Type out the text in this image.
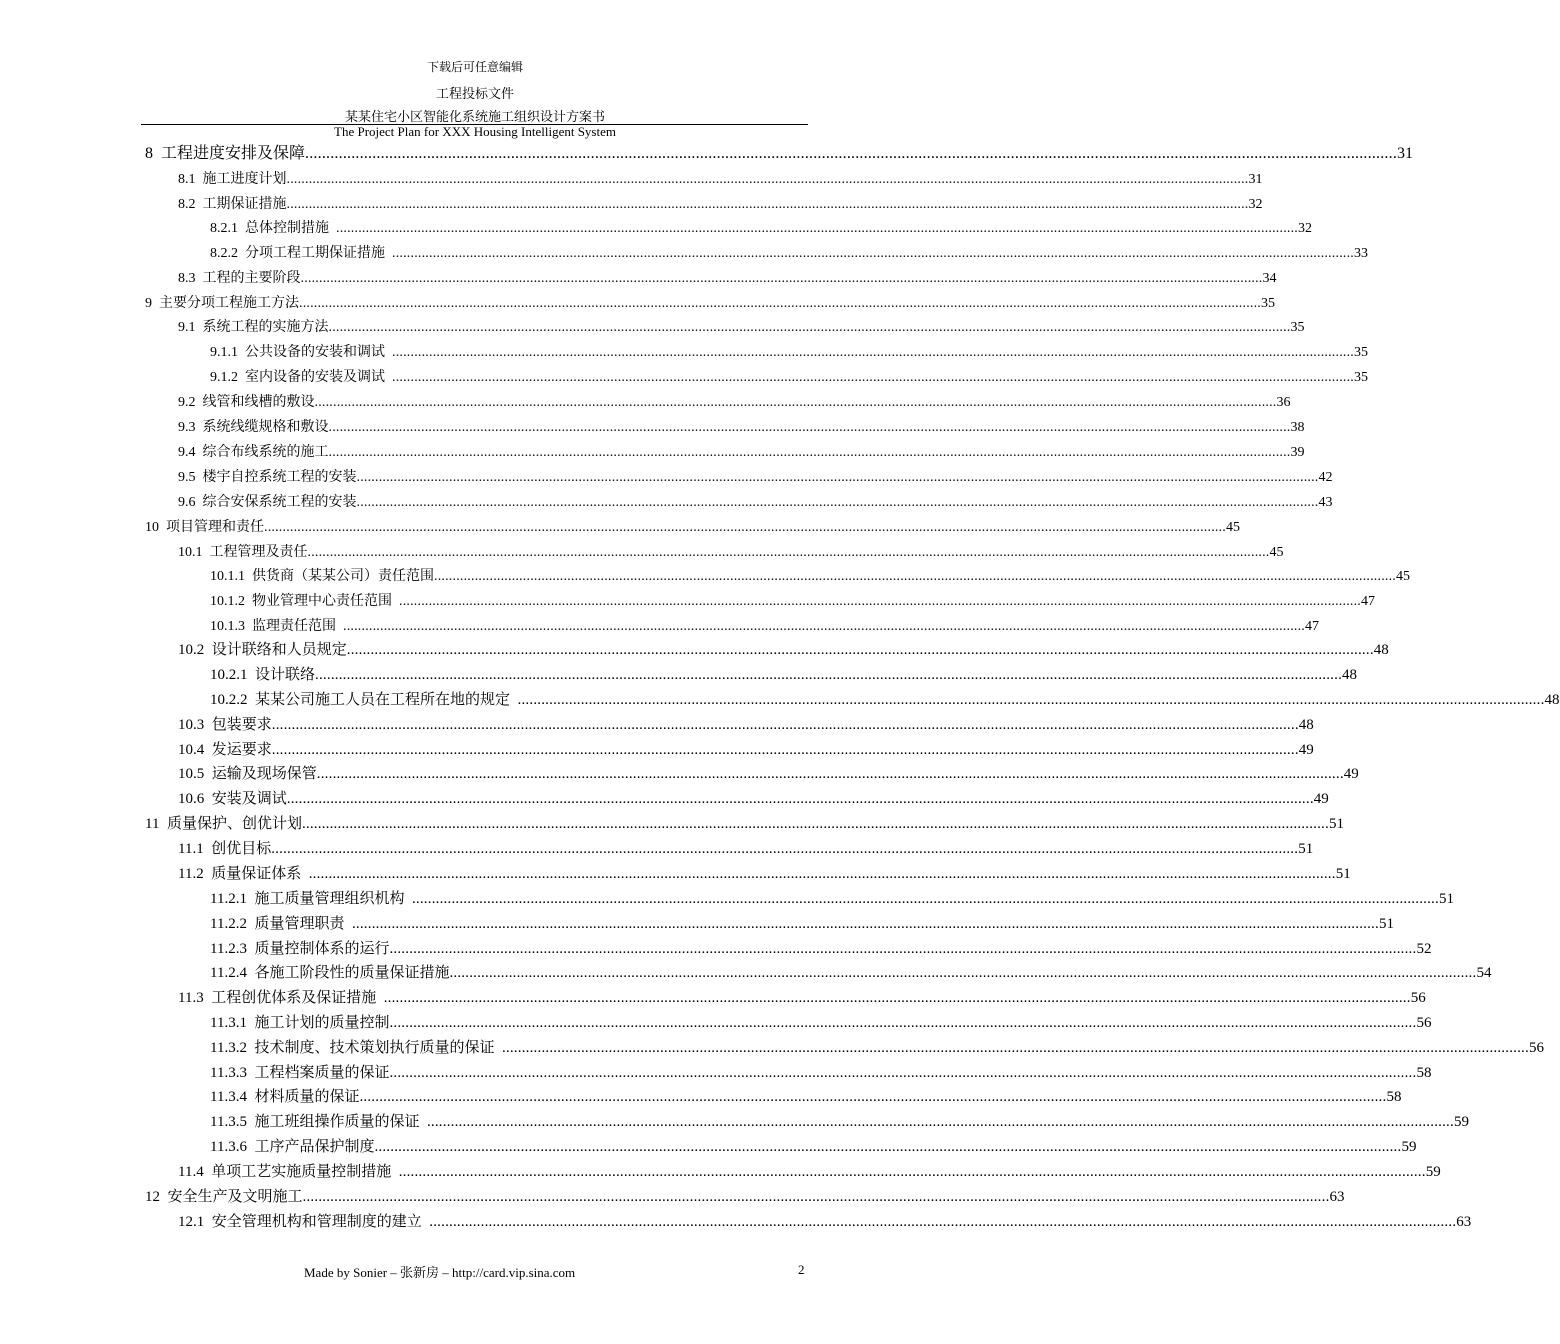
下载后可任意编辑
工程投标文件
某某住宅小区智能化系统施工组织设计方案书
The Project Plan for XXX Housing Intelligent System
8  工程进度安排及保障 .................................................................................................................................................................................................................................................................... 31
8.1  施工进度计划 .................................................................................................................................................................................................................................................................... 31
8.2  工期保证措施 .................................................................................................................................................................................................................................................................... 32
8.2.1  总体控制措施 .................................................................................................................................................................................................................................................................... 32
8.2.2  分项工程工期保证措施 .................................................................................................................................................................................................................................................................... 33
8.3  工程的主要阶段 .................................................................................................................................................................................................................................................................... 34
9  主要分项工程施工方法 .................................................................................................................................................................................................................................................................... 35
9.1  系统工程的实施方法 .................................................................................................................................................................................................................................................................... 35
9.1.1  公共设备的安装和调试 .................................................................................................................................................................................................................................................................... 35
9.1.2  室内设备的安装及调试 .................................................................................................................................................................................................................................................................... 35
9.2  线管和线槽的敷设 .................................................................................................................................................................................................................................................................... 36
9.3  系统线缆规格和敷设 .................................................................................................................................................................................................................................................................... 38
9.4  综合布线系统的施工 .................................................................................................................................................................................................................................................................... 39
9.5  楼宇自控系统工程的安装 .................................................................................................................................................................................................................................................................... 42
9.6  综合安保系统工程的安装 .................................................................................................................................................................................................................................................................... 43
10  项目管理和责任 .................................................................................................................................................................................................................................................................... 45
10.1  工程管理及责任 .................................................................................................................................................................................................................................................................... 45
10.1.1  供货商（某某公司）责任范围 .................................................................................................................................................................................................................................................................... 45
10.1.2  物业管理中心责任范围 .................................................................................................................................................................................................................................................................... 47
10.1.3  监理责任范围 .................................................................................................................................................................................................................................................................... 47
10.2  设计联络和人员规定 .................................................................................................................................................................................................................................................................... 48
10.2.1  设计联络 .................................................................................................................................................................................................................................................................... 48
10.2.2  某某公司施工人员在工程所在地的规定 .................................................................................................................................................................................................................................................................... 48
10.3  包装要求 .................................................................................................................................................................................................................................................................... 48
10.4  发运要求 .................................................................................................................................................................................................................................................................... 49
10.5  运输及现场保管 .................................................................................................................................................................................................................................................................... 49
10.6  安装及调试 .................................................................................................................................................................................................................................................................... 49
11  质量保护、创优计划 .................................................................................................................................................................................................................................................................... 51
11.1  创优目标 .................................................................................................................................................................................................................................................................... 51
11.2  质量保证体系 .................................................................................................................................................................................................................................................................... 51
11.2.1  施工质量管理组织机构 .................................................................................................................................................................................................................................................................... 51
11.2.2  质量管理职责 .................................................................................................................................................................................................................................................................... 51
11.2.3  质量控制体系的运行 .................................................................................................................................................................................................................................................................... 52
11.2.4  各施工阶段性的质量保证措施 .................................................................................................................................................................................................................................................................... 54
11.3  工程创优体系及保证措施 .................................................................................................................................................................................................................................................................... 56
11.3.1  施工计划的质量控制 .................................................................................................................................................................................................................................................................... 56
11.3.2  技术制度、技术策划执行质量的保证 .................................................................................................................................................................................................................................................................... 56
11.3.3  工程档案质量的保证 .................................................................................................................................................................................................................................................................... 58
11.3.4  材料质量的保证 .................................................................................................................................................................................................................................................................... 58
11.3.5  施工班组操作质量的保证 .................................................................................................................................................................................................................................................................... 59
11.3.6  工序产品保护制度 .................................................................................................................................................................................................................................................................... 59
11.4  单项工艺实施质量控制措施 .................................................................................................................................................................................................................................................................... 59
12  安全生产及文明施工 .................................................................................................................................................................................................................................................................... 63
12.1  安全管理机构和管理制度的建立 .................................................................................................................................................................................................................................................................... 63
Made by Sonier – 张新房 – http://card.vip.sina.com	2
